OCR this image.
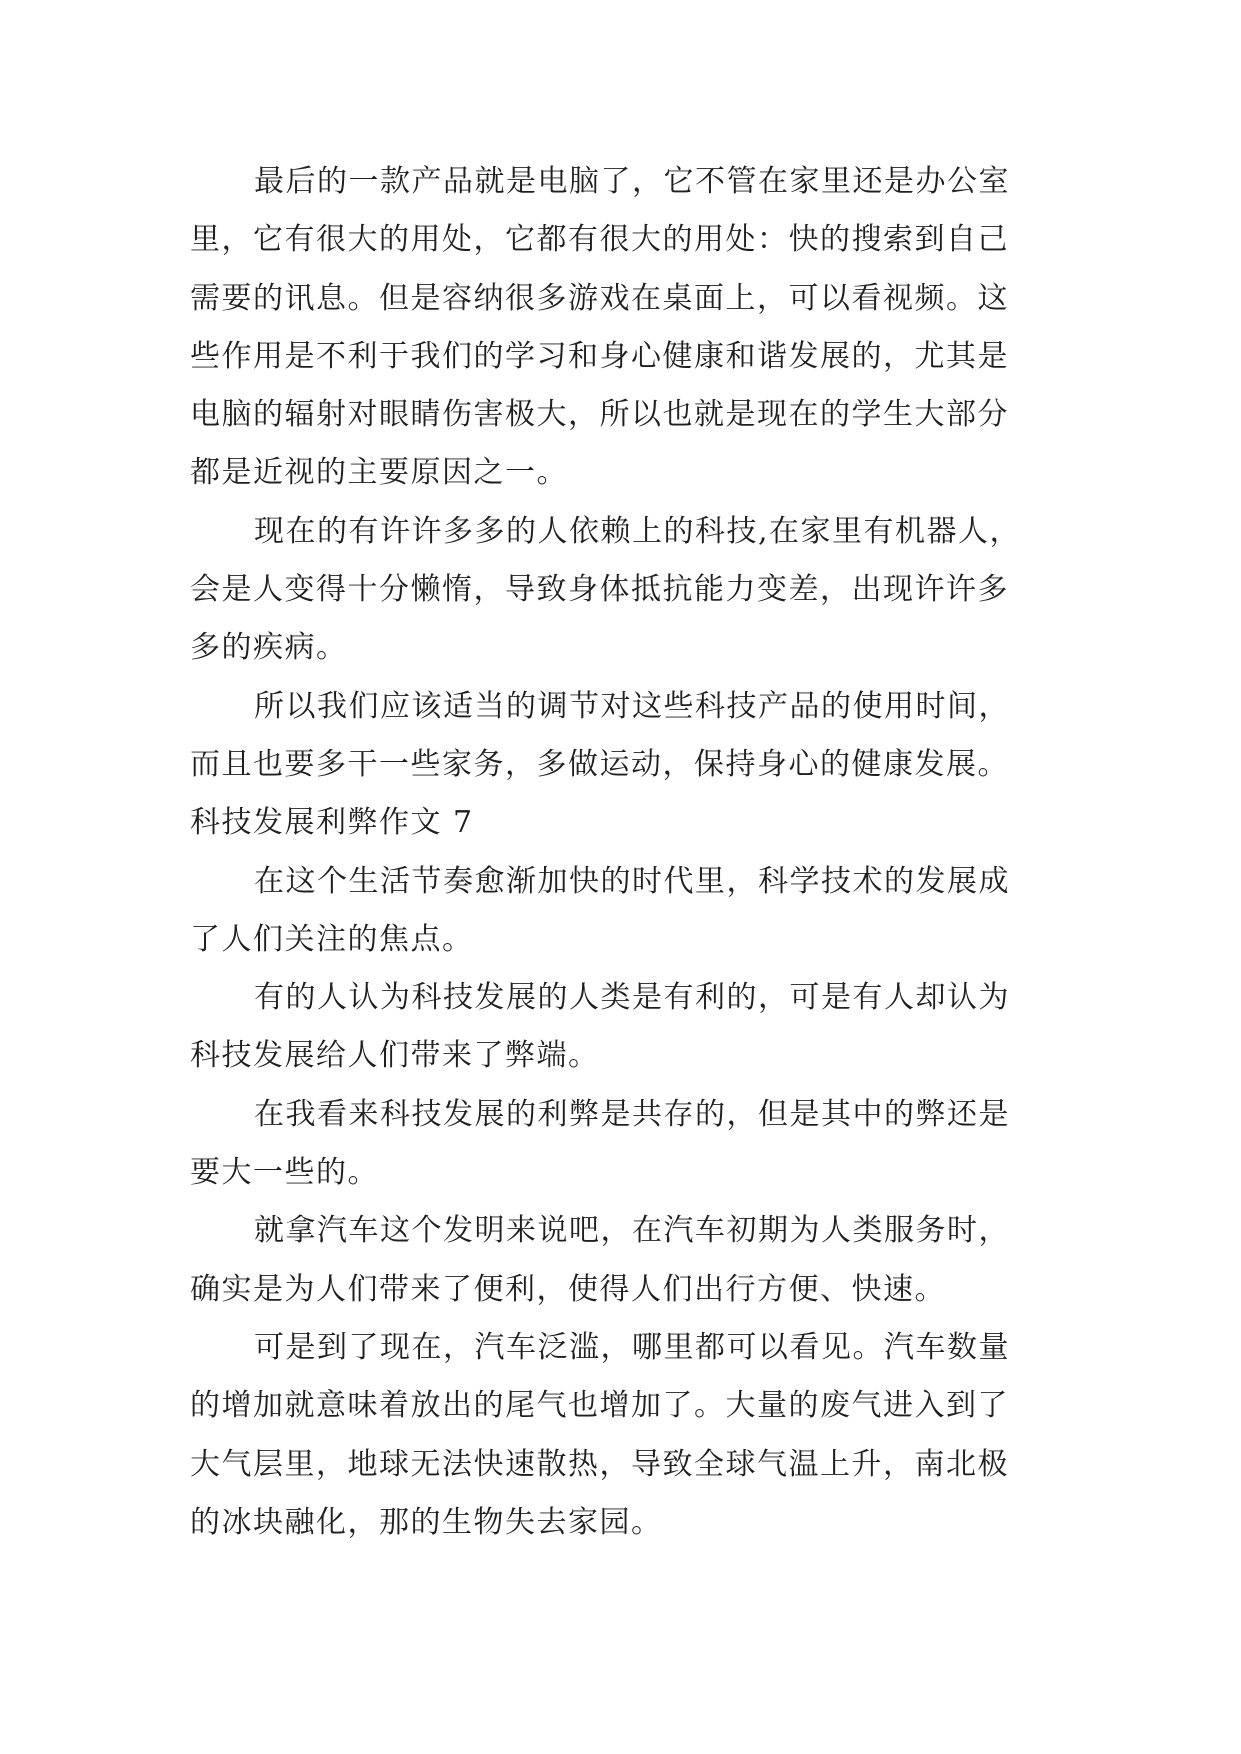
最后的一款产品就是电脑了，它不管在家里还是办公室
里，它有很大的用处，它都有很大的用处：快的搜索到自己
需要的讯息。但是容纳很多游戏在桌面上，可以看视频。这
些作用是不利于我们的学习和身心健康和谐发展的，尤其是
电脑的辐射对眼睛伤害极大，所以也就是现在的学生大部分
都是近视的主要原因之一。
现在的有许许多多的人依赖上的科技,在家里有机器人，
会是人变得十分懒惰，导致身体抵抗能力变差，出现许许多
多的疾病。
所以我们应该适当的调节对这些科技产品的使用时间，
而且也要多干一些家务，多做运动，保持身心的健康发展。
科技发展利弊作文 7
在这个生活节奏愈渐加快的时代里，科学技术的发展成
了人们关注的焦点。
有的人认为科技发展的人类是有利的，可是有人却认为
科技发展给人们带来了弊端。
在我看来科技发展的利弊是共存的，但是其中的弊还是
要大一些的。
就拿汽车这个发明来说吧，在汽车初期为人类服务时，
确实是为人们带来了便利，使得人们出行方便、快速。
可是到了现在，汽车泛滥，哪里都可以看见。汽车数量
的增加就意味着放出的尾气也增加了。大量的废气进入到了
大气层里，地球无法快速散热，导致全球气温上升，南北极
的冰块融化，那的生物失去家园。
